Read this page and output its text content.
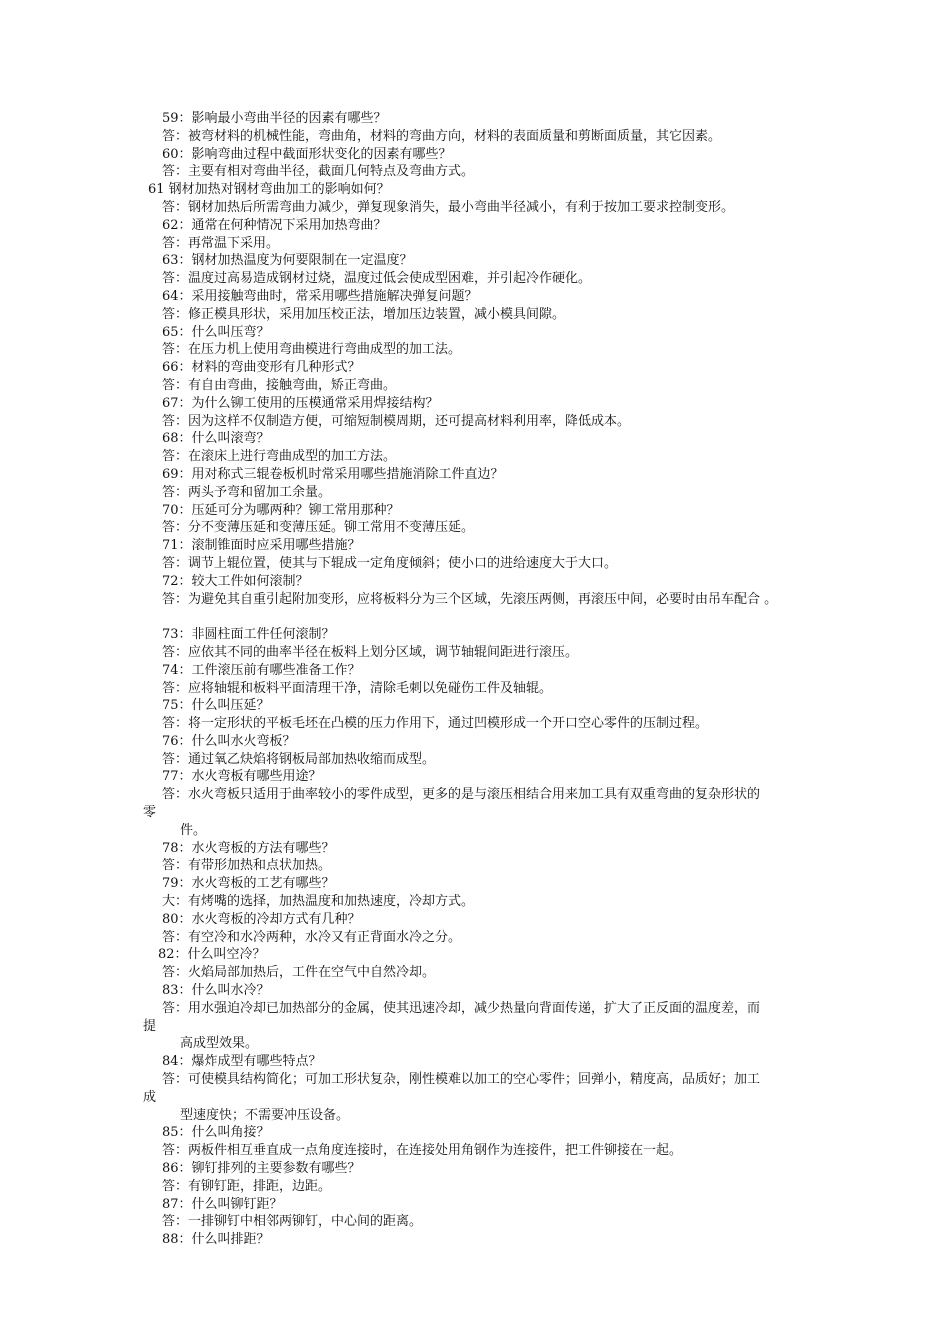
59：影响最小弯曲半径的因素有哪些？
答：被弯材料的机械性能，弯曲角，材料的弯曲方向，材料的表面质量和剪断面质量，其它因素。
60：影响弯曲过程中截面形状变化的因素有哪些？
答：主要有相对弯曲半径，截面几何特点及弯曲方式。
61 钢材加热对钢材弯曲加工的影响如何？
答：钢材加热后所需弯曲力减少，弹复现象消失，最小弯曲半径减小，有利于按加工要求控制变形。
62：通常在何种情况下采用加热弯曲？
答：再常温下采用。
63：钢材加热温度为何要限制在一定温度？
答：温度过高易造成钢材过烧，温度过低会使成型困难，并引起冷作硬化。
64：采用接触弯曲时，常采用哪些措施解决弹复问题？
答：修正模具形状，采用加压校正法，增加压边装置，减小模具间隙。
65：什么叫压弯？
答：在压力机上使用弯曲模进行弯曲成型的加工法。
66：材料的弯曲变形有几种形式？
答：有自由弯曲，接触弯曲，矫正弯曲。
67：为什么铆工使用的压模通常采用焊接结构？
答：因为这样不仅制造方便，可缩短制模周期，还可提高材料利用率，降低成本。
68：什么叫滚弯？
答：在滚床上进行弯曲成型的加工方法。
69：用对称式三辊卷板机时常采用哪些措施消除工件直边？
答：两头予弯和留加工余量。
70：压延可分为哪两种？铆工常用那种？
答：分不变薄压延和变薄压延。铆工常用不变薄压延。
71：滚制锥面时应采用哪些措施？
答：调节上辊位置，使其与下辊成一定角度倾斜；使小口的进给速度大于大口。
72：较大工件如何滚制？
答：为避免其自重引起附加变形，应将板料分为三个区域，先滚压两侧，再滚压中间，必要时由吊车配合 。
73：非圆柱面工件任何滚制？
答：应依其不同的曲率半径在板料上划分区域，调节轴辊间距进行滚压。
74：工件滚压前有哪些准备工作？
答：应将轴辊和板料平面清理干净，清除毛刺以免碰伤工件及轴辊。
75：什么叫压延？
答：将一定形状的平板毛坯在凸模的压力作用下，通过凹模形成一个开口空心零件的压制过程。
76：什么叫水火弯板？
答：通过氧乙炔焰将钢板局部加热收缩而成型。
77：水火弯板有哪些用途？
答：水火弯板只适用于曲率较小的零件成型，更多的是与滚压相结合用来加工具有双重弯曲的复杂形状的
零
件。
78：水火弯板的方法有哪些？
答：有带形加热和点状加热。
79：水火弯板的工艺有哪些？
大：有烤嘴的选择，加热温度和加热速度，冷却方式。
80：水火弯板的冷却方式有几种？
答：有空冷和水冷两种，水冷又有正背面水冷之分。
82：什么叫空冷？
答：火焰局部加热后，工件在空气中自然冷却。
83：什么叫水冷？
答：用水强迫冷却已加热部分的金属，使其迅速冷却，减少热量向背面传递，扩大了正反面的温度差，而
提
高成型效果。
84：爆炸成型有哪些特点？
答：可使模具结构简化；可加工形状复杂，刚性模难以加工的空心零件；回弹小，精度高，品质好；加工
成
型速度快；不需要冲压设备。
85：什么叫角接？
答：两板件相互垂直成一点角度连接时，在连接处用角钢作为连接件，把工件铆接在一起。
86：铆钉排列的主要参数有哪些？
答：有铆钉距，排距，边距。
87：什么叫铆钉距？
答：一排铆钉中相邻两铆钉，中心间的距离。
88：什么叫排距？
